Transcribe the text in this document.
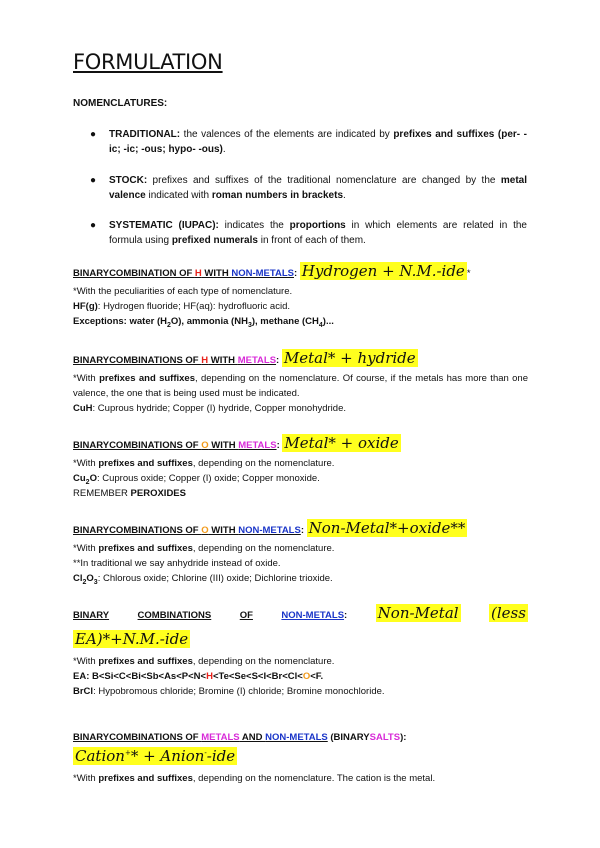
FORMULATION
NOMENCLATURES:
● TRADITIONAL: the valences of the elements are indicated by prefixes and suffixes (per- -ic; -ic; -ous; hypo- -ous).
● STOCK: prefixes and suffixes of the traditional nomenclature are changed by the metal valence indicated with roman numbers in brackets.
● SYSTEMATIC (IUPAC): indicates the proportions in which elements are related in the formula using prefixed numerals in front of each of them.
BINARYCOMBINATION OF H WITH NON-METALS: Hydrogen + N.M.-ide *
*With the peculiarities of each type of nomenclature.
HF(g): Hydrogen fluoride; HF(aq): hydrofluoric acid.
Exceptions: water $(H_2O)$, ammonia $(NH_3)$, methane $(CH_4)$...
BINARYCOMBINATIONS OF H WITH METALS: Metal* + hydride
*With prefixes and suffixes, depending on the nomenclature. Of course, if the metals has more than one valence, the one that is being used must be indicated.
CuH: Cuprous hydride; Copper (I) hydride, Copper monohydride.
BINARYCOMBINATIONS OF O WITH METALS: Metal* + oxide
*With prefixes and suffixes, depending on the nomenclature.
$Cu_2O$: Cuprous oxide; Copper (I) oxide; Copper monoxide.
REMEMBER PEROXIDES
BINARYCOMBINATIONS OF O WITH NON-METALS: Non-Metal*+oxide**
*With prefixes and suffixes, depending on the nomenclature.
**In traditional we say anhydride instead of oxide.
$Cl_2O_3$: Chlorous oxide; Chlorine (III) oxide; Dichlorine trioxide.
BINARY	COMBINATIONS	OF	NON-METALS: Non-Metal (less
EA)*+N.M.-ide
*With prefixes and suffixes, depending on the nomenclature.
EA: B<Si<C<Bi<Sb<As<P<N<H<Te<Se<S<I<Br<Cl<O<F.
BrCl: Hypobromous chloride; Bromine (I) chloride; Bromine monochloride.
BINARYCOMBINATIONS OF METALS AND NON-METALS (BINARYSALTS):
Cation+* + Anion--ide
*With prefixes and suffixes, depending on the nomenclature. The cation is the metal.
